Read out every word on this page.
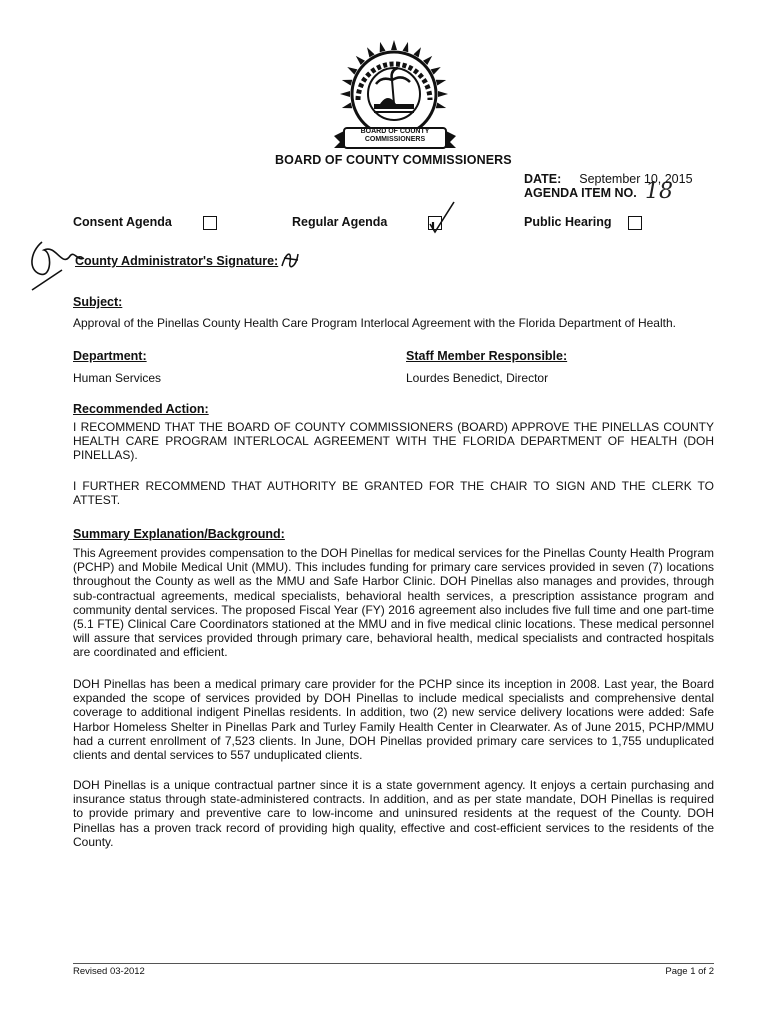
BOARD OF COUNTY COMMISSIONERS
BOARD OF COUNTY COMMISSIONERS
DATE: September 10, 2015
AGENDA ITEM NO. 18
Consent Agenda	Regular Agenda	Public Hearing
County Administrator's Signature:
Subject:
Approval of the Pinellas County Health Care Program Interlocal Agreement with the Florida Department of Health.
Department:
Human Services
Staff Member Responsible:
Lourdes Benedict, Director
Recommended Action:
I RECOMMEND THAT THE BOARD OF COUNTY COMMISSIONERS (BOARD) APPROVE THE PINELLAS COUNTY HEALTH CARE PROGRAM INTERLOCAL AGREEMENT WITH THE FLORIDA DEPARTMENT OF HEALTH (DOH PINELLAS).
I FURTHER RECOMMEND THAT AUTHORITY BE GRANTED FOR THE CHAIR TO SIGN AND THE CLERK TO ATTEST.
Summary Explanation/Background:
This Agreement provides compensation to the DOH Pinellas for medical services for the Pinellas County Health Program (PCHP) and Mobile Medical Unit (MMU). This includes funding for primary care services provided in seven (7) locations throughout the County as well as the MMU and Safe Harbor Clinic. DOH Pinellas also manages and provides, through sub-contractual agreements, medical specialists, behavioral health services, a prescription assistance program and community dental services. The proposed Fiscal Year (FY) 2016 agreement also includes five full time and one part-time (5.1 FTE) Clinical Care Coordinators stationed at the MMU and in five medical clinic locations. These medical personnel will assure that services provided through primary care, behavioral health, medical specialists and contracted hospitals are coordinated and efficient.
DOH Pinellas has been a medical primary care provider for the PCHP since its inception in 2008. Last year, the Board expanded the scope of services provided by DOH Pinellas to include medical specialists and comprehensive dental coverage to additional indigent Pinellas residents. In addition, two (2) new service delivery locations were added: Safe Harbor Homeless Shelter in Pinellas Park and Turley Family Health Center in Clearwater. As of June 2015, PCHP/MMU had a current enrollment of 7,523 clients. In June, DOH Pinellas provided primary care services to 1,755 unduplicated clients and dental services to 557 unduplicated clients.
DOH Pinellas is a unique contractual partner since it is a state government agency. It enjoys a certain purchasing and insurance status through state-administered contracts. In addition, and as per state mandate, DOH Pinellas is required to provide primary and preventive care to low-income and uninsured residents at the request of the County. DOH Pinellas has a proven track record of providing high quality, effective and cost-efficient services to the residents of the County.
Revised 03-2012	Page 1 of 2
